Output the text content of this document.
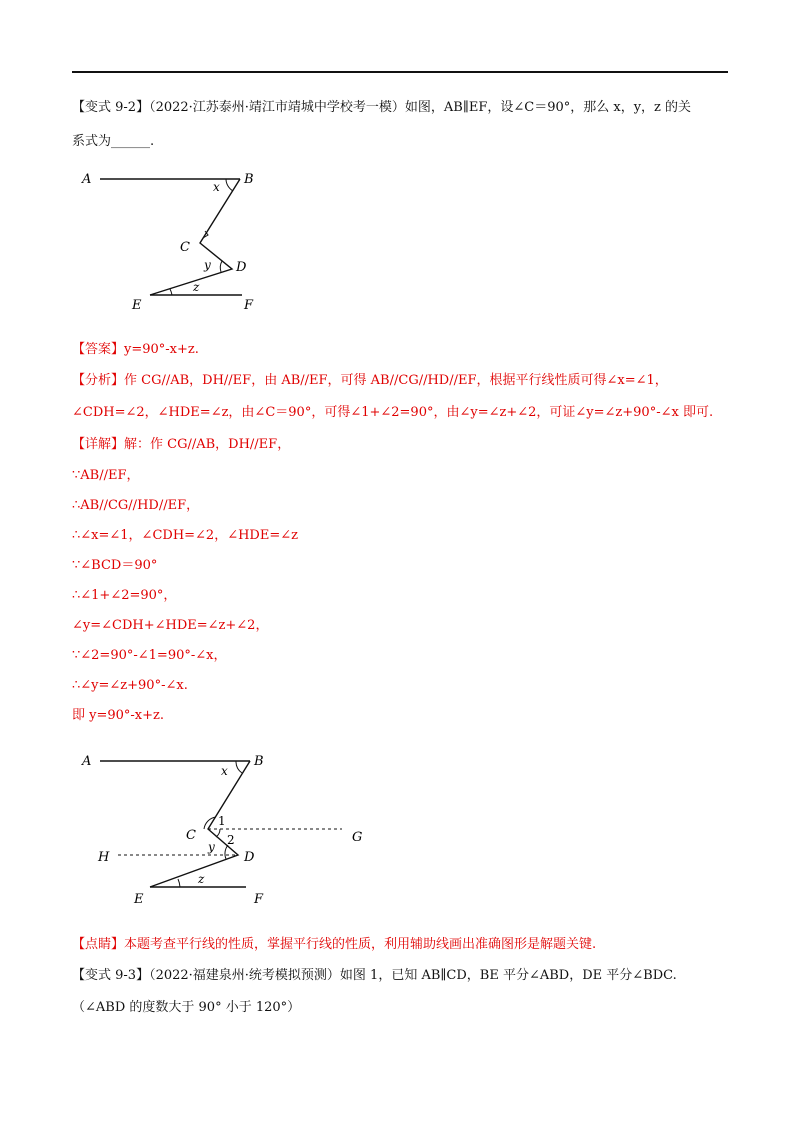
【变式 9-2】（2022·江苏泰州·靖江市靖城中学校考一模）如图，AB∥EF，设∠C＝90°，那么 x，y，z 的关
系式为______.
A	B
x
C
y D
z
E	F
【答案】y=90°-x+z.
【分析】作 CG//AB，DH//EF，由 AB//EF，可得 AB//CG//HD//EF，根据平行线性质可得∠x=∠1，
∠CDH=∠2，∠HDE=∠z，由∠C＝90°，可得∠1+∠2=90°，由∠y=∠z+∠2，可证∠y=∠z+90°-∠x 即可.
【详解】解：作 CG//AB，DH//EF，
∵AB//EF，
∴AB//CG//HD//EF，
∴∠x=∠1，∠CDH=∠2，∠HDE=∠z
∵∠BCD＝90°
∴∠1+∠2=90°，
∠y=∠CDH+∠HDE=∠z+∠2，
∵∠2=90°-∠1=90°-∠x，
∴∠y=∠z+90°-∠x.
即 y=90°-x+z.
A	B
x
C
1
2	G
H
y
D
z
E	F
【点睛】本题考查平行线的性质，掌握平行线的性质，利用辅助线画出准确图形是解题关键.
【变式 9-3】（2022·福建泉州·统考模拟预测）如图 1，已知 AB∥CD，BE 平分∠ABD，DE 平分∠BDC.
（∠ABD 的度数大于 90° 小于 120°）
